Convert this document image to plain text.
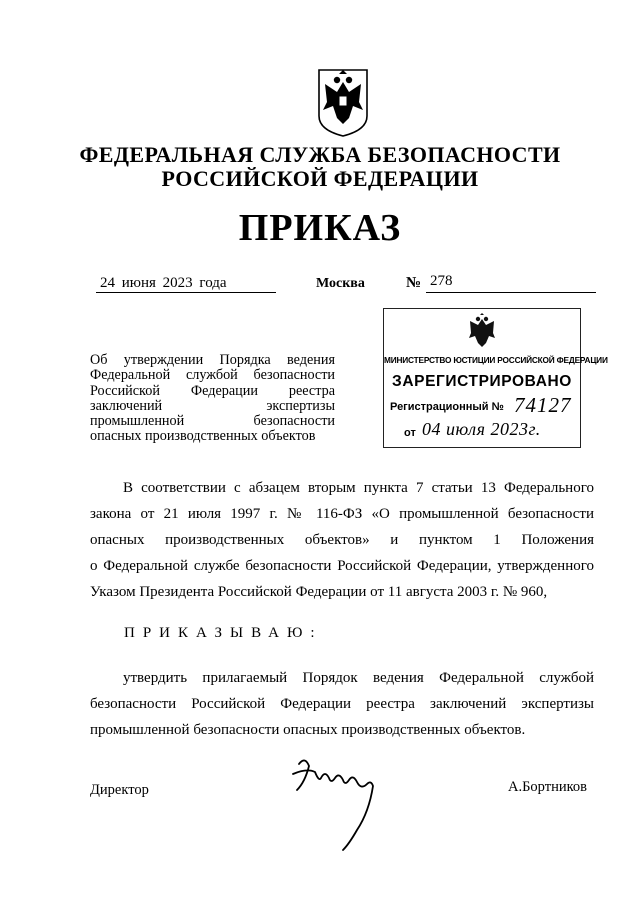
ФЕДЕРАЛЬНАЯ СЛУЖБА БЕЗОПАСНОСТИ
РОССИЙСКОЙ ФЕДЕРАЦИИ
ПРИКАЗ
24 июня 2023 года	Москва	№ 278
МИНИСТЕРСТВО ЮСТИЦИИ РОССИЙСКОЙ ФЕДЕРАЦИИ
ЗАРЕГИСТРИРОВАНО
Регистрационный № 74127
от 04 июля 2023г.
Об утверждении Порядка ведения
Федеральной службой безопасности
Российской Федерации реестра
заключений экспертизы
промышленной безопасности
опасных производственных объектов
В соответствии с абзацем вторым пункта 7 статьи 13 Федерального
закона от 21 июля 1997 г. № 116-ФЗ «О промышленной безопасности
опасных производственных объектов» и пунктом 1 Положения
о Федеральной службе безопасности Российской Федерации, утвержденного
Указом Президента Российской Федерации от 11 августа 2003 г. № 960,
ПРИКАЗЫВАЮ:
утвердить прилагаемый Порядок ведения Федеральной службой
безопасности Российской Федерации реестра заключений экспертизы
промышленной безопасности опасных производственных объектов.
Директор	А.Бортников
